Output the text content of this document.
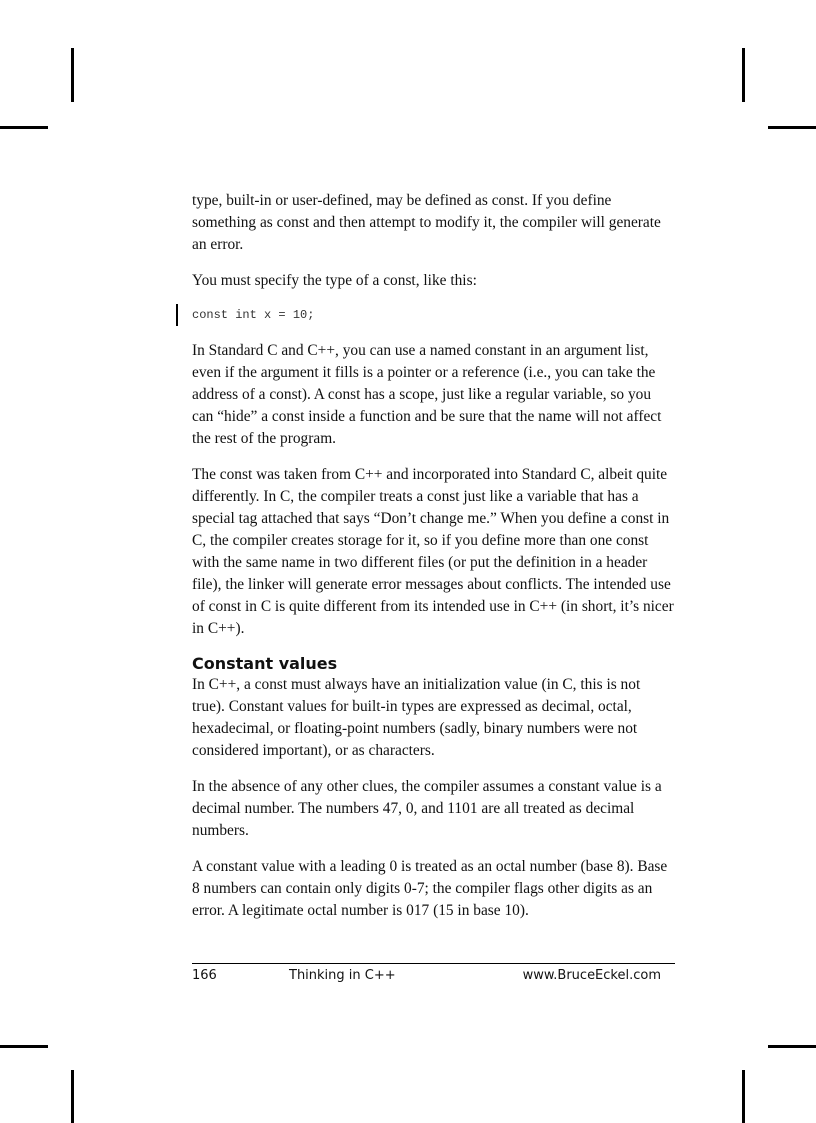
type, built-in or user-defined, may be defined as const. If you define something as const and then attempt to modify it, the compiler will generate an error.

You must specify the type of a const, like this:

const int x = 10;

In Standard C and C++, you can use a named constant in an argument list, even if the argument it fills is a pointer or a reference (i.e., you can take the address of a const). A const has a scope, just like a regular variable, so you can “hide” a const inside a function and be sure that the name will not affect the rest of the program.

The const was taken from C++ and incorporated into Standard C, albeit quite differently. In C, the compiler treats a const just like a variable that has a special tag attached that says “Don’t change me.” When you define a const in C, the compiler creates storage for it, so if you define more than one const with the same name in two different files (or put the definition in a header file), the linker will generate error messages about conflicts. The intended use of const in C is quite different from its intended use in C++ (in short, it’s nicer in C++).

Constant values

In C++, a const must always have an initialization value (in C, this is not true). Constant values for built-in types are expressed as decimal, octal, hexadecimal, or floating-point numbers (sadly, binary numbers were not considered important), or as characters.

In the absence of any other clues, the compiler assumes a constant value is a decimal number. The numbers 47, 0, and 1101 are all treated as decimal numbers.

A constant value with a leading 0 is treated as an octal number (base 8). Base 8 numbers can contain only digits 0-7; the compiler flags other digits as an error. A legitimate octal number is 017 (15 in base 10).

166	Thinking in C++	www.BruceEckel.com
